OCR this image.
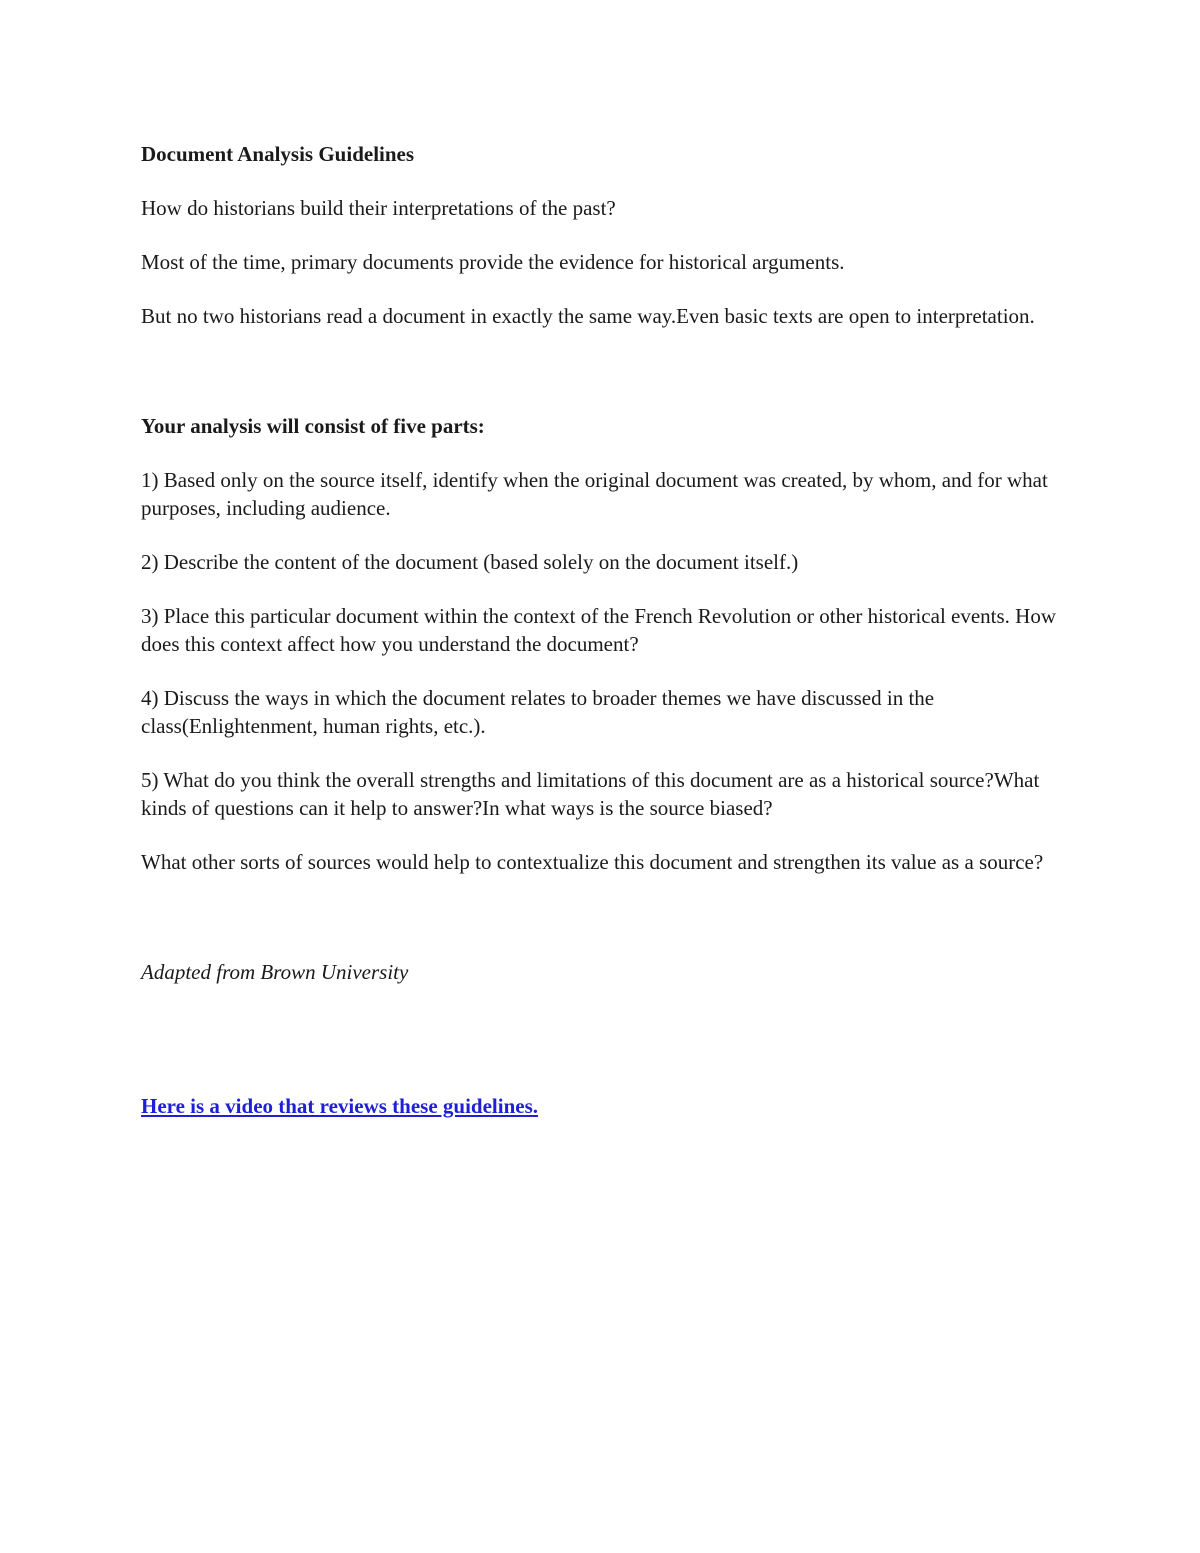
Document Analysis Guidelines

How do historians build their interpretations of the past?

Most of the time, primary documents provide the evidence for historical arguments.

But no two historians read a document in exactly the same way.Even basic texts are open to interpretation.

Your analysis will consist of five parts:

1) Based only on the source itself, identify when the original document was created, by whom, and for what purposes, including audience.

2) Describe the content of the document (based solely on the document itself.)

3) Place this particular document within the context of the French Revolution or other historical events. How does this context affect how you understand the document?

4) Discuss the ways in which the document relates to broader themes we have discussed in the class(Enlightenment, human rights, etc.).

5) What do you think the overall strengths and limitations of this document are as a historical source?What kinds of questions can it help to answer?In what ways is the source biased?

What other sorts of sources would help to contextualize this document and strengthen its value as a source?

Adapted from Brown University

Here is a video that reviews these guidelines.
